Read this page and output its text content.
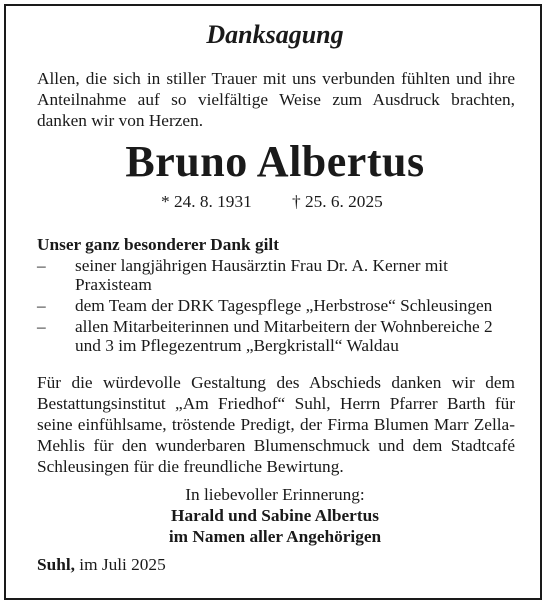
Danksagung

Allen, die sich in stiller Trauer mit uns verbunden fühlten und ihre Anteilnahme auf so vielfältige Weise zum Ausdruck brachten, danken wir von Herzen.

Bruno Albertus
* 24. 8. 1931 † 25. 6. 2025
Unser ganz besonderer Dank gilt
–	seiner langjährigen Hausärztin Frau Dr. A. Kerner mit Praxisteam
–	dem Team der DRK Tagespflege „Herbstrose“ Schleusingen
–	allen Mitarbeiterinnen und Mitarbeitern der Wohnbereiche 2 und 3 im Pflegezentrum „Bergkristall“ Waldau

Für die würdevolle Gestaltung des Abschieds danken wir dem Bestattungsinstitut „Am Friedhof“ Suhl, Herrn Pfarrer Barth für seine einfühlsame, tröstende Predigt, der Firma Blumen Marr Zella-Mehlis für den wunderbaren Blumenschmuck und dem Stadtcafé Schleusingen für die freundliche Bewirtung.

In liebevoller Erinnerung:
Harald und Sabine Albertus
im Namen aller Angehörigen
Suhl, im Juli 2025
